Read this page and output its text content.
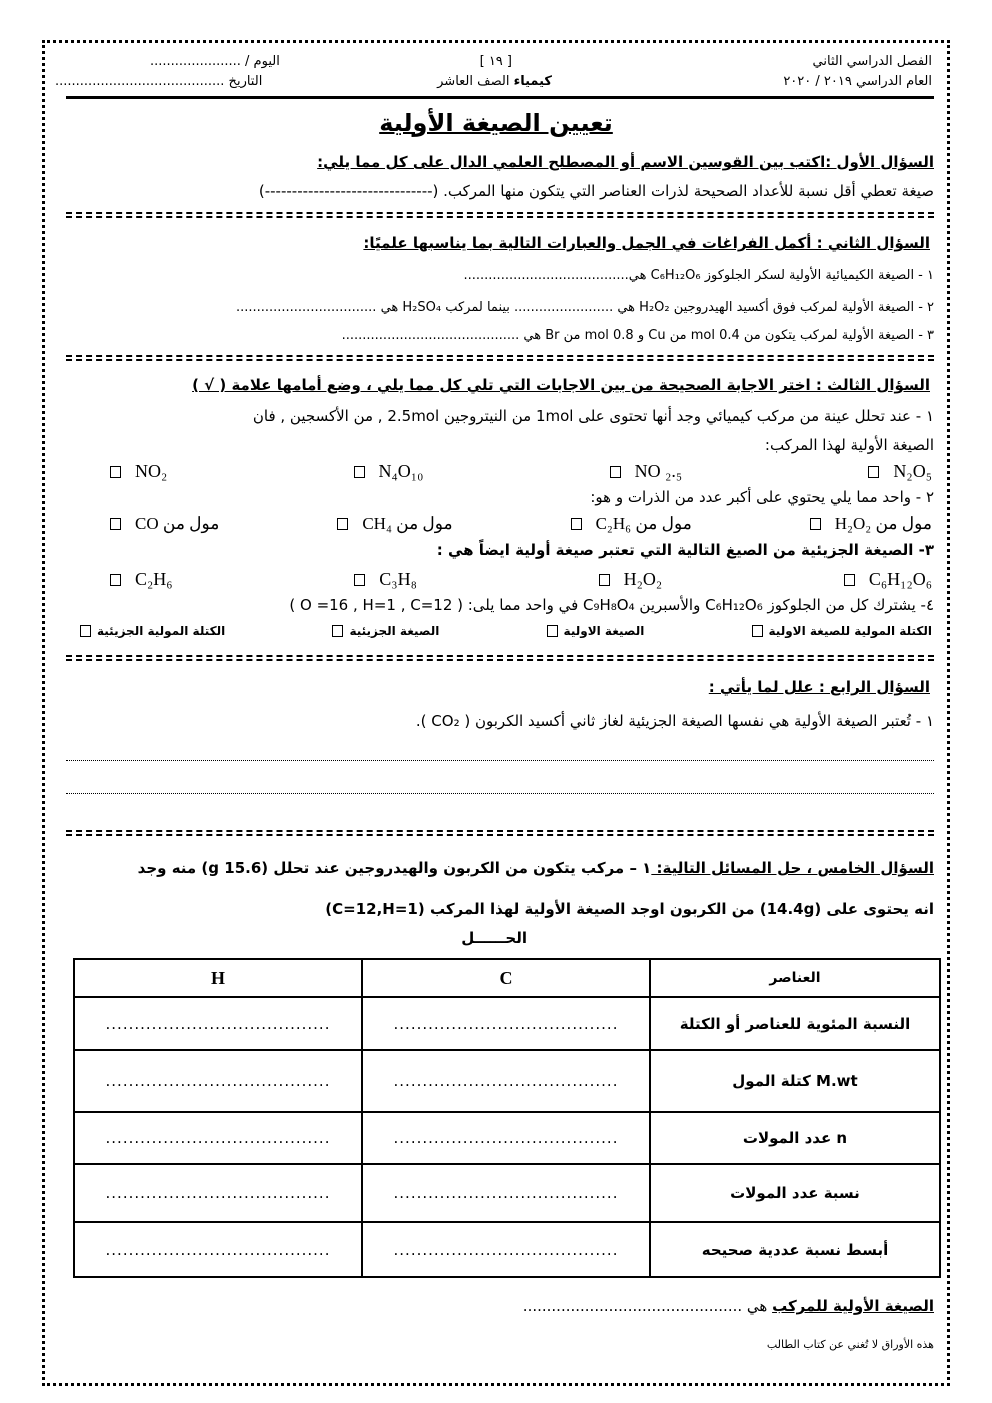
الفصل الدراسي الثاني
العام الدراسي ٢٠١٩ / ٢٠٢٠
[ ١٩ ]
كيمياء الصف العاشر
اليوم / ......................
التاريخ .........................................
تعيين الصيغة الأولية
السؤال الأول :اكتب بين القوسين الاسم أو المصطلح العلمي الدال على كل مما يلي:
صيغة تعطي أقل نسبة للأعداد الصحيحة لذرات العناصر التي يتكون منها المركب. (-------------------------------)
السؤال الثاني : أكمل الفراغات في الجمل والعبارات التالية بما يناسبها علميًا:
١ - الصيغة الكيميائية الأولية لسكر الجلوكوز C₆H₁₂O₆ هي........................................
٢ - الصيغة الأولية لمركب فوق أكسيد الهيدروجين H₂O₂ هي ........................ بينما لمركب H₂SO₄ هي ..................................
٣ - الصيغة الأولية لمركب يتكون من 0.4 mol من Cu و 0.8 mol من Br هي ...........................................
السؤال الثالث : اختر الاجابة الصحيحة من بين الاجابات التي تلي كل مما يلي ، وضع أمامها علامة ( √ )
١ - عند تحلل عينة من مركب كيميائي وجد أنها تحتوى على 1mol من النيتروجين 2.5mol , من الأكسجين , فان
الصيغة الأولية لهذا المركب:
N₂O₅
NO ₂.₅
N₄O₁₀
NO₂
٢ - واحد مما يلي يحتوي على أكبر عدد من الذرات و هو:
مول من H₂O₂
مول من C₂H₆
مول من CH₄
مول من CO
٣- الصيغة الجزيئية من الصيغ التالية التي تعتبر صيغة أولية ايضاً هي :
C₆H₁₂O₆
H₂O₂
C₃H₈
C₂H₆
٤- يشترك كل من الجلوكوز C₆H₁₂O₆ والأسبرين C₉H₈O₄ في واحد مما يلى: ( O =16 , H=1 , C=12 )
الكتلة المولية للصيغة الاولية
الصيغة الاولية
الصيغة الجزيئية
الكتلة المولية الجزيئية
السؤال الرابع : علل لما يأتي :
١ - تُعتبر الصيغة الأولية هي نفسها الصيغة الجزيئية لغاز ثاني أكسيد الكربون ( CO₂ ).
السؤال الخامس ، حل المسائل التالية: ١ – مركب يتكون من الكربون والهيدروجين عند تحلل (15.6 g) منه وجد
انه يحتوى على (14.4g) من الكربون اوجد الصيغة الأولية لهذا المركب (C=12,H=1)
الحــــــل
العناصر	C	H
النسبة المئوية للعناصر أو الكتلة	.......................................	.......................................
M.wt كتلة المول	.......................................	.......................................
n عدد المولات	.......................................	.......................................
نسبة عدد المولات	.......................................	.......................................
أبسط نسبة عددية صحيحه	.......................................	.......................................
الصيغة الأولية للمركب هي ..............................................
هذه الأوراق لا تُغني عن كتاب الطالب
